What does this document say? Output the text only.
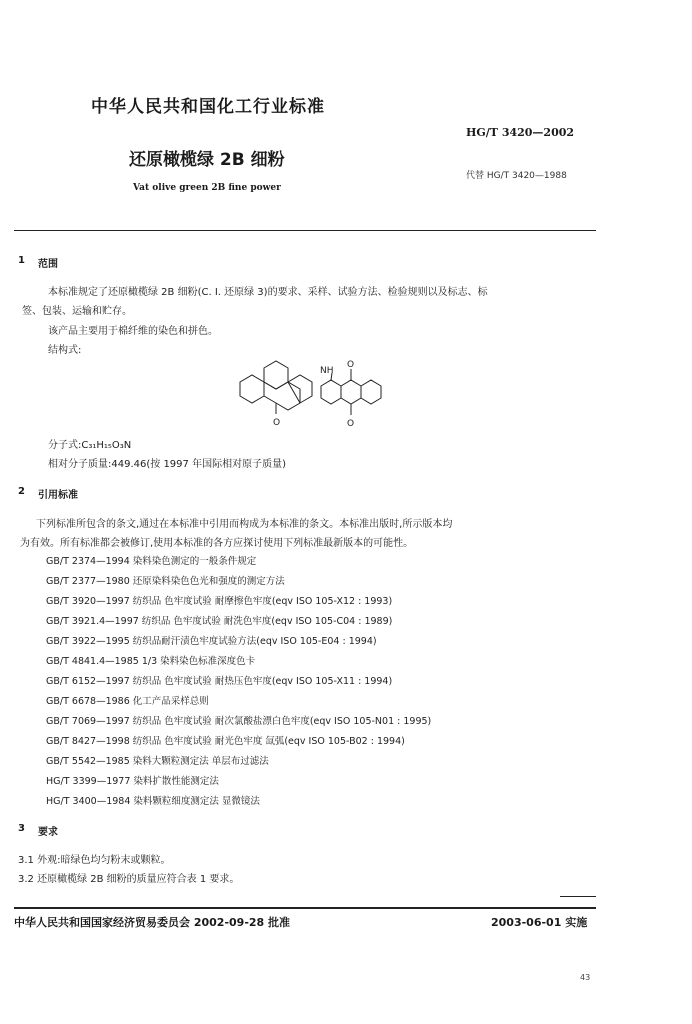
中华人民共和国化工行业标准
HG/T 3420—2002
还原橄榄绿 2B 细粉
代替 HG/T 3420—1988
Vat olive green 2B fine power
1 范围
本标准规定了还原橄榄绿 2B 细粉(C. I. 还原绿 3)的要求、采样、试验方法、检验规则以及标志、标
签、包装、运输和贮存。
该产品主要用于棉纤维的染色和拼色。
结构式:
O
NH
O
O
分子式:C₃₁H₁₅O₃N
相对分子质量:449.46(按 1997 年国际相对原子质量)
2 引用标准
下列标准所包含的条文,通过在本标准中引用而构成为本标准的条文。本标准出版时,所示版本均
为有效。所有标准都会被修订,使用本标准的各方应探讨使用下列标准最新版本的可能性。
GB/T 2374—1994 染料染色测定的一般条件规定
GB/T 2377—1980 还原染料染色色光和强度的测定方法
GB/T 3920—1997 纺织品 色牢度试验 耐摩擦色牢度(eqv ISO 105-X12 : 1993)
GB/T 3921.4—1997 纺织品 色牢度试验 耐洗色牢度(eqv ISO 105-C04 : 1989)
GB/T 3922—1995 纺织品耐汗渍色牢度试验方法(eqv ISO 105-E04 : 1994)
GB/T 4841.4—1985 1/3 染料染色标准深度色卡
GB/T 6152—1997 纺织品 色牢度试验 耐热压色牢度(eqv ISO 105-X11 : 1994)
GB/T 6678—1986 化工产品采样总则
GB/T 7069—1997 纺织品 色牢度试验 耐次氯酸盐漂白色牢度(eqv ISO 105-N01 : 1995)
GB/T 8427—1998 纺织品 色牢度试验 耐光色牢度 氙弧(eqv ISO 105-B02 : 1994)
GB/T 5542—1985 染料大颗粒测定法 单层布过滤法
HG/T 3399—1977 染料扩散性能测定法
HG/T 3400—1984 染料颗粒细度测定法 显微镜法
3 要求
3.1 外观:暗绿色均匀粉末或颗粒。
3.2 还原橄榄绿 2B 细粉的质量应符合表 1 要求。
中华人民共和国国家经济贸易委员会 2002-09-28 批准	2003-06-01 实施
43
